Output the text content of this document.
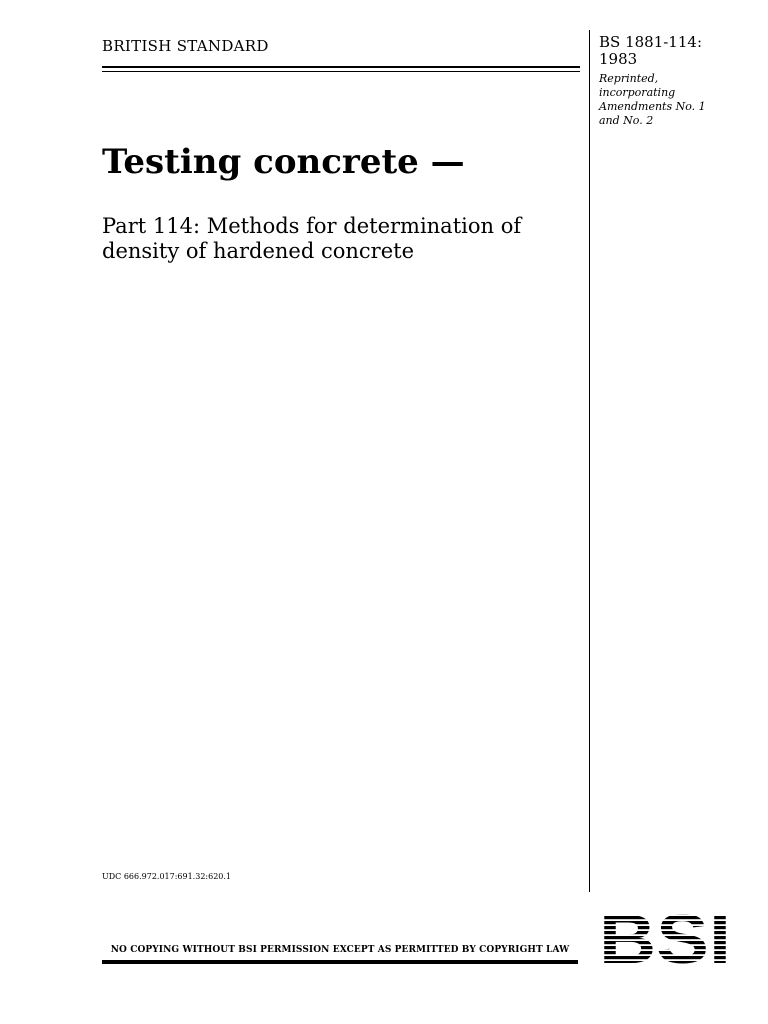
BRITISH STANDARD	BS 1881-114:
1983
Reprinted,
incorporating
Amendments No. 1
and No. 2
Testing concrete —
Part 114: Methods for determination of
density of hardened concrete
UDC 666.972.017:691.32:620.1
NO COPYING WITHOUT BSI PERMISSION EXCEPT AS PERMITTED BY COPYRIGHT LAW
